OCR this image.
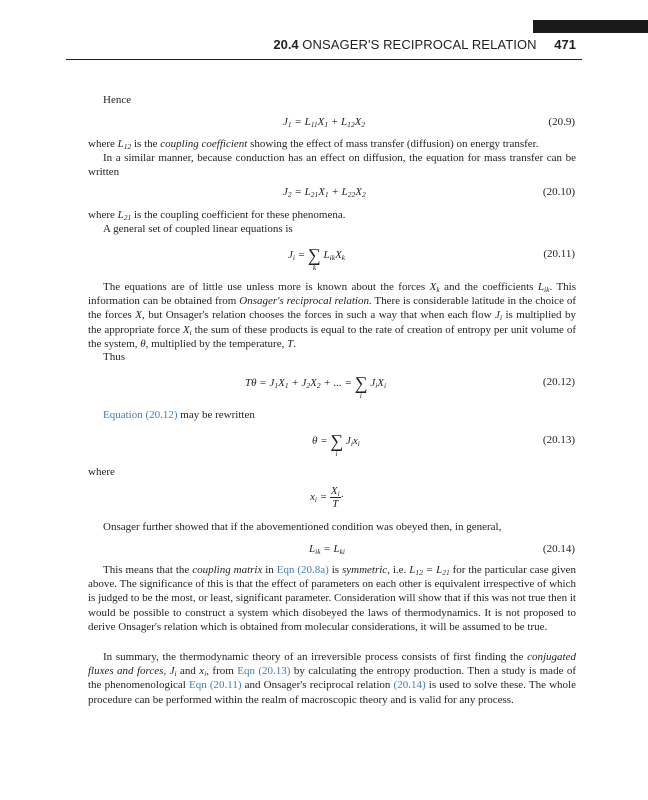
20.4 ONSAGER'S RECIPROCAL RELATION 471
Hence
$J_1 = L_{11}X_1 + L_{12}X_2$	(20.9)

where $L_{12}$ is the coupling coefficient showing the effect of mass transfer (diffusion) on energy transfer.

In a similar manner, because conduction has an effect on diffusion, the equation for mass transfer can be written

$J_2 = L_{21}X_1 + L_{22}X_2$	(20.10)

where $L_{21}$ is the coupling coefficient for these phenomena.

A general set of coupled linear equations is

$J_i$ = ∑
k
$L_{ik}X_k$	(20.11)

The equations are of little use unless more is known about the forces $X_k$ and the coefficients $L_{ik}$. This information can be obtained from Onsager's reciprocal relation. There is considerable latitude in the choice of the forces X, but Onsager's relation chooses the forces in such a way that when each flow $J_i$ is multiplied by the appropriate force $X_i$ the sum of these products is equal to the rate of creation of entropy per unit volume of the system, θ, multiplied by the temperature, T.

Thus
$T\theta = J_1X_1 + J_2X_2$ + ... = ∑
i
$J_iX_i$	(20.12)

Equation (20.12) may be rewritten

θ = ∑
i
$J_ix_i$	(20.13)

where

$x_i = \frac{X_i}{T}$ ·

Onsager further showed that if the abovementioned condition was obeyed then, in general,

$L_{ik} = L_{ki}$	(20.14)

This means that the coupling matrix in Eqn (20.8a) is symmetric, i.e. $L_{12} = L_{21}$ for the particular case given above. The significance of this is that the effect of parameters on each other is equivalent irrespective of which is judged to be the most, or least, significant parameter. Consideration will show that if this was not true then it would be possible to construct a system which disobeyed the laws of thermodynamics. It is not proposed to derive Onsager's relation which is obtained from molecular considerations, it will be assumed to be true.

In summary, the thermodynamic theory of an irreversible process consists of first finding the conjugated fluxes and forces, $J_i$ and $x_i$, from Eqn (20.13) by calculating the entropy production. Then a study is made of the phenomenological Eqn (20.11) and Onsager's reciprocal relation (20.14) is used to solve these. The whole procedure can be performed within the realm of macroscopic theory and is valid for any process.
